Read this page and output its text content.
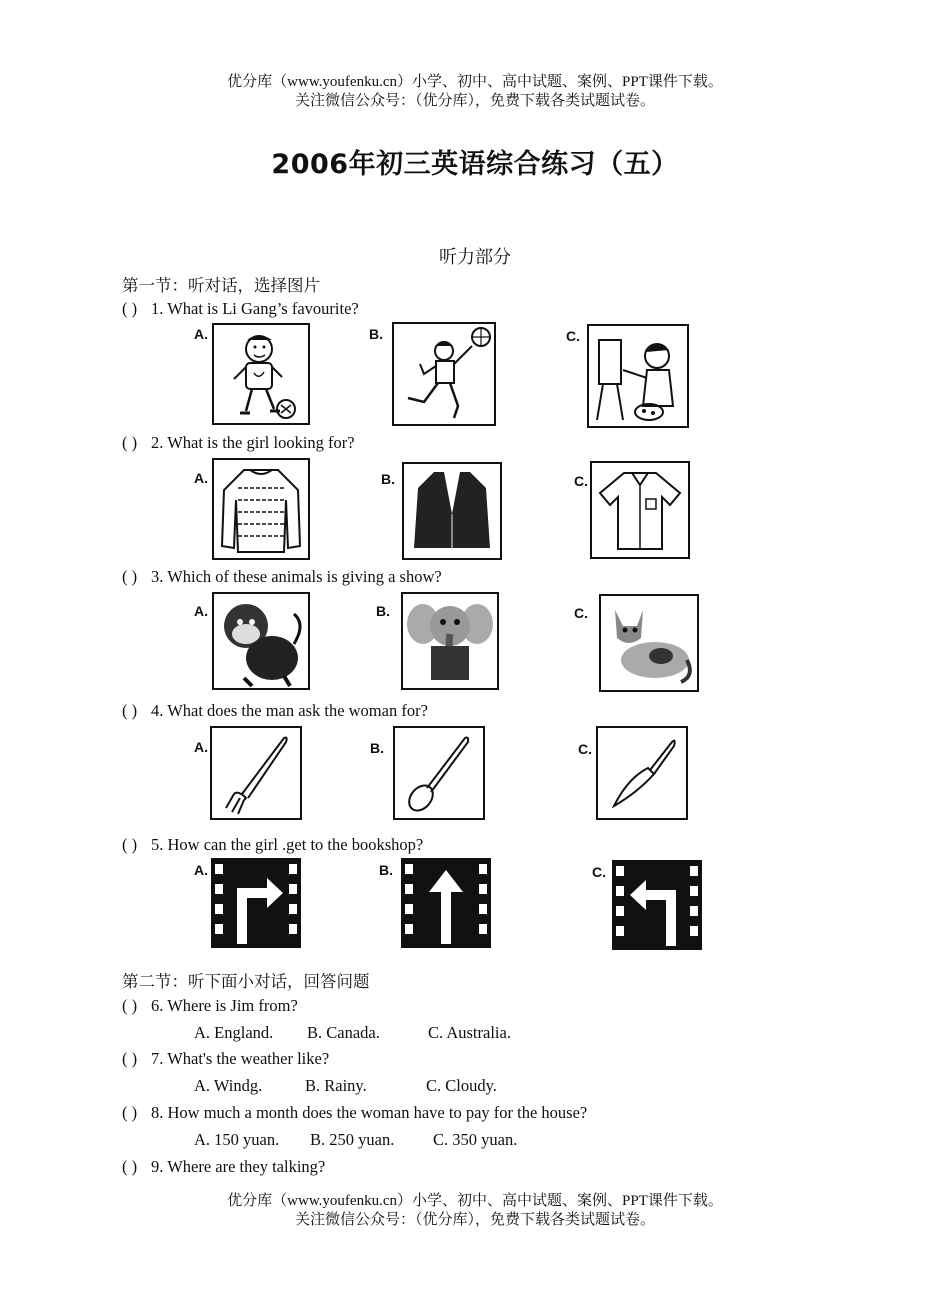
优分库（www.youfenku.cn）小学、初中、高中试题、案例、PPT课件下载。
关注微信公众号：（优分库），免费下载各类试题试卷。
2006年初三英语综合练习（五）
听力部分
第一节：听对话，选择图片
( ) 1. What is Li Gang’s favourite?
A.	B.	C.
( ) 2. What is the girl looking for?
A.	B.	C.
( ) 3. Which of these animals is giving a show?
A.	B.	C.
( ) 4. What does the man ask the woman for?
A.	B.	C.
( ) 5. How can the girl .get to the bookshop?
A.	B.	C.
第二节：听下面小对话，回答问题
( ) 6. Where is Jim from?
A. England. B. Canada.	C. Australia.
( ) 7. What's the weather like?
A. Windg.	B. Rainy.	C. Cloudy.
( ) 8. How much a month does the woman have to pay for the house?
A. 150 yuan. B. 250 yuan. C. 350 yuan.
( ) 9. Where are they talking?
优分库（www.youfenku.cn）小学、初中、高中试题、案例、PPT课件下载。
关注微信公众号：（优分库），免费下载各类试题试卷。
